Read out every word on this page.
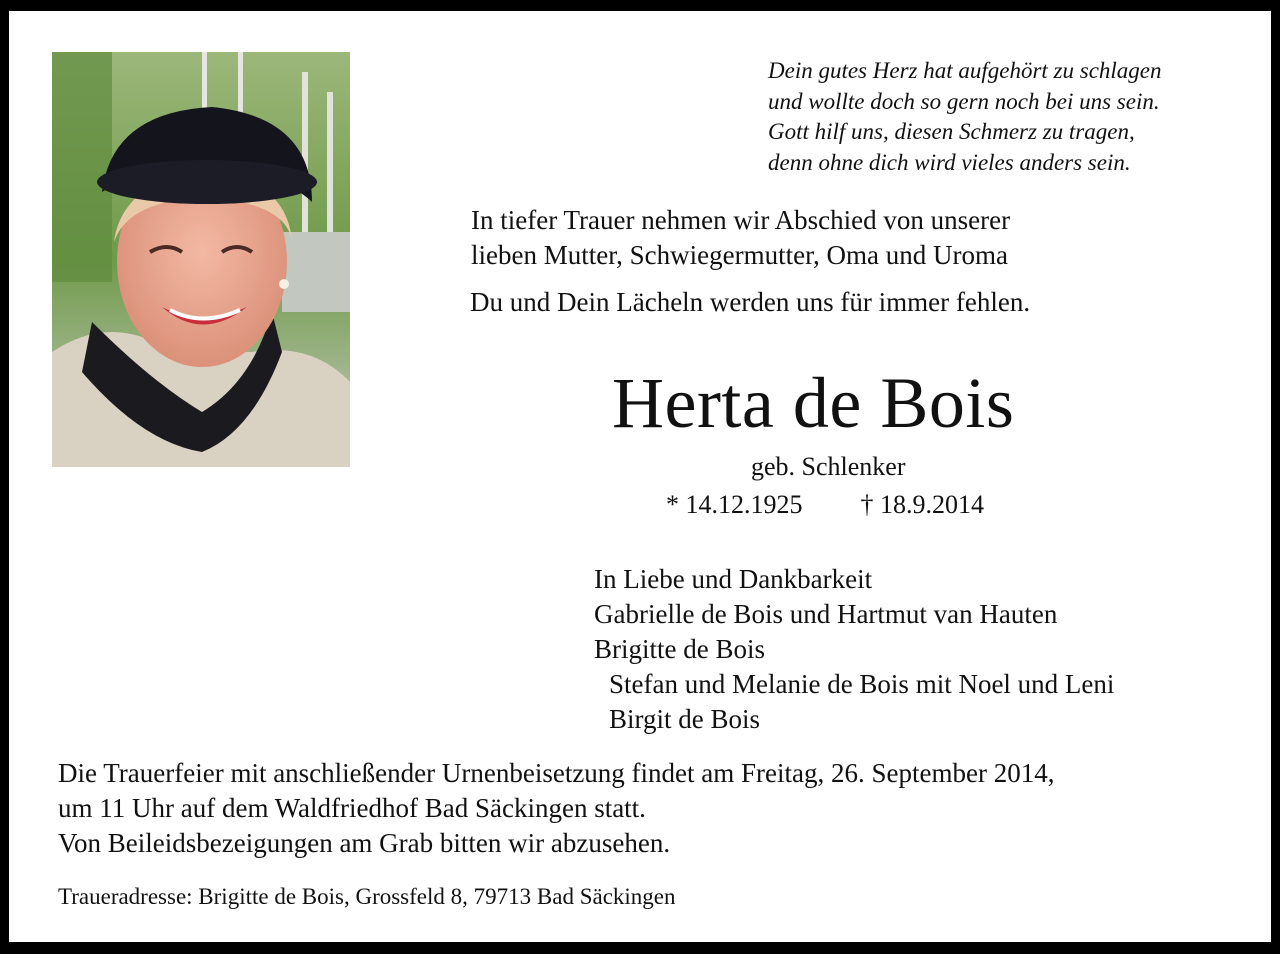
Dein gutes Herz hat aufgehört zu schlagen
und wollte doch so gern noch bei uns sein.
Gott hilf uns, diesen Schmerz zu tragen,
denn ohne dich wird vieles anders sein.
In tiefer Trauer nehmen wir Abschied von unserer
lieben Mutter, Schwiegermutter, Oma und Uroma
Du und Dein Lächeln werden uns für immer fehlen.
Herta de Bois
geb. Schlenker
* 14.12.1925 † 18.9.2014
In Liebe und Dankbarkeit
Gabrielle de Bois und Hartmut van Hauten
Brigitte de Bois
Stefan und Melanie de Bois mit Noel und Leni
Birgit de Bois
Die Trauerfeier mit anschließender Urnenbeisetzung findet am Freitag, 26. September 2014,
um 11 Uhr auf dem Waldfriedhof Bad Säckingen statt.
Von Beileidsbezeigungen am Grab bitten wir abzusehen.
Traueradresse: Brigitte de Bois, Grossfeld 8, 79713 Bad Säckingen
